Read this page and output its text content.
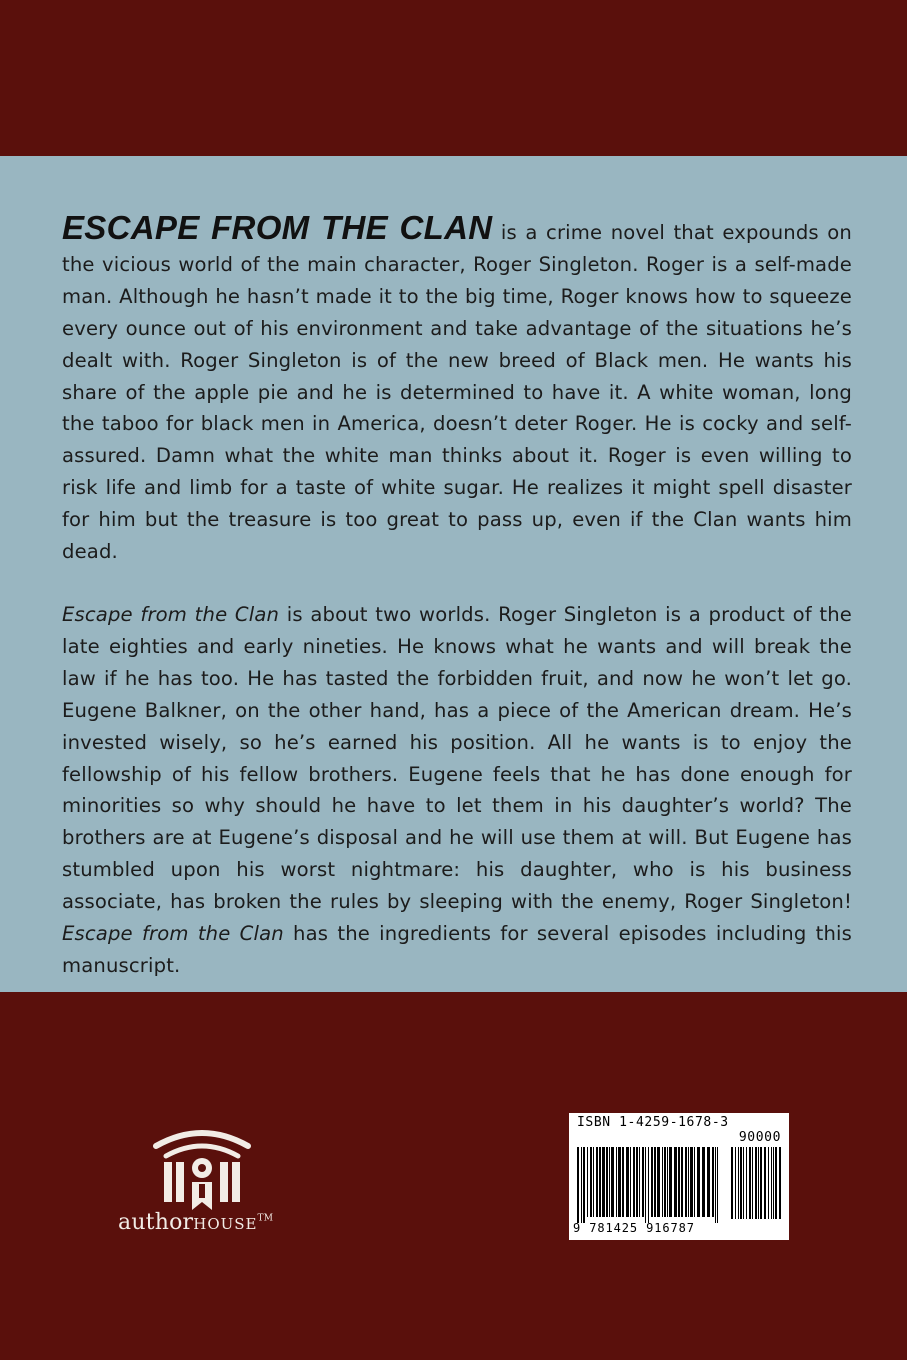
ESCAPE FROM THE CLAN is a crime novel that expounds on the vicious world of the main character, Roger Singleton. Roger is a self-made man. Although he hasn’t made it to the big time, Roger knows how to squeeze every ounce out of his environment and take advantage of the situations he’s dealt with. Roger Singleton is of the new breed of Black men. He wants his share of the apple pie and he is determined to have it. A white woman, long the taboo for black men in America, doesn’t deter Roger. He is cocky and self-assured. Damn what the white man thinks about it. Roger is even willing to risk life and limb for a taste of white sugar. He realizes it might spell disaster for him but the treasure is too great to pass up, even if the Clan wants him dead.

Escape from the Clan is about two worlds. Roger Singleton is a product of the late eighties and early nineties. He knows what he wants and will break the law if he has too. He has tasted the forbidden fruit, and now he won’t let go. Eugene Balkner, on the other hand, has a piece of the American dream. He’s invested wisely, so he’s earned his position. All he wants is to enjoy the fellowship of his fellow brothers. Eugene feels that he has done enough for minorities so why should he have to let them in his daughter’s world? The brothers are at Eugene’s disposal and he will use them at will. But Eugene has stumbled upon his worst nightmare: his daughter, who is his business associate, has broken the rules by sleeping with the enemy, Roger Singleton! Escape from the Clan has the ingredients for several episodes including this manuscript.

authorHOUSE™
ISBN 1-4259-1678-3
90000
9 781425 916787
